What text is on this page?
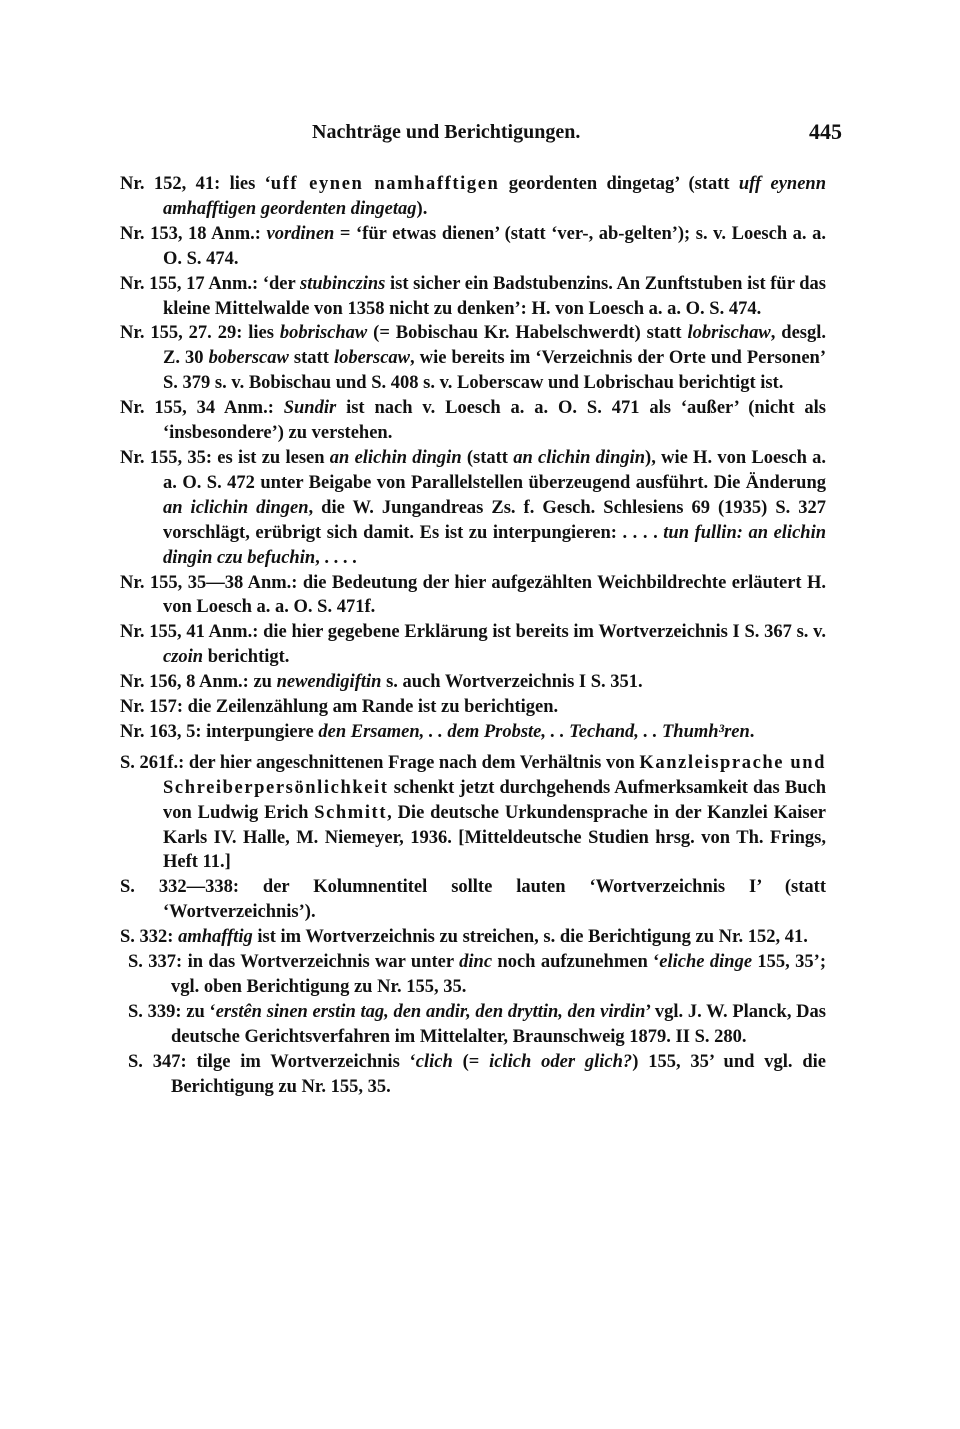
Nachträge und Berichtigungen.	445

Nr. 152, 41: lies ‘uff eynen namhafftigen geordenten dingetag’ (statt uff eynenn amhafftigen geordenten dingetag).

Nr. 153, 18 Anm.: vordinen = ‘für etwas dienen’ (statt ‘ver-, ab-gelten’); s. v. Loesch a. a. O. S. 474.

Nr. 155, 17 Anm.: ‘der stubinczins ist sicher ein Badstubenzins. An Zunftstuben ist für das kleine Mittelwalde von 1358 nicht zu denken’: H. von Loesch a. a. O. S. 474.

Nr. 155, 27. 29: lies bobrischaw (= Bobischau Kr. Habelschwerdt) statt lobrischaw, desgl. Z. 30 boberscaw statt loberscaw, wie bereits im ‘Verzeichnis der Orte und Personen’ S. 379 s. v. Bobischau und S. 408 s. v. Loberscaw und Lobrischau berichtigt ist.

Nr. 155, 34 Anm.: Sundir ist nach v. Loesch a. a. O. S. 471 als ‘außer’ (nicht als ‘insbesondere’) zu verstehen.

Nr. 155, 35: es ist zu lesen an elichin dingin (statt an clichin dingin), wie H. von Loesch a. a. O. S. 472 unter Beigabe von Parallelstellen überzeugend ausführt. Die Änderung an iclichin dingen, die W. Jungandreas Zs. f. Gesch. Schlesiens 69 (1935) S. 327 vorschlägt, erübrigt sich damit. Es ist zu interpungieren: . . . . tun fullin: an elichin dingin czu befuchin, . . . .

Nr. 155, 35—38 Anm.: die Bedeutung der hier aufgezählten Weichbildrechte erläutert H. von Loesch a. a. O. S. 471f.

Nr. 155, 41 Anm.: die hier gegebene Erklärung ist bereits im Wortverzeichnis I S. 367 s. v. czoin berichtigt.

Nr. 156, 8 Anm.: zu newendigiftin s. auch Wortverzeichnis I S. 351.

Nr. 157: die Zeilenzählung am Rande ist zu berichtigen.

Nr. 163, 5: interpungiere den Ersamen, . . dem Probste, . . Techand, . . Thumh³ren.

S. 261f.: der hier angeschnittenen Frage nach dem Verhältnis von Kanzleisprache und Schreiberpersönlichkeit schenkt jetzt durchgehends Aufmerksamkeit das Buch von Ludwig Erich Schmitt, Die deutsche Urkundensprache in der Kanzlei Kaiser Karls IV. Halle, M. Niemeyer, 1936. [Mitteldeutsche Studien hrsg. von Th. Frings, Heft 11.]

S. 332—338: der Kolumnentitel sollte lauten ‘Wortverzeichnis I’ (statt ‘Wortverzeichnis’).

S. 332: amhafftig ist im Wortverzeichnis zu streichen, s. die Berichtigung zu Nr. 152, 41.

S. 337: in das Wortverzeichnis war unter dinc noch aufzunehmen ‘eliche dinge 155, 35’; vgl. oben Berichtigung zu Nr. 155, 35.

S. 339: zu ‘erstên sinen erstin tag, den andir, den dryttin, den virdin’ vgl. J. W. Planck, Das deutsche Gerichtsverfahren im Mittelalter, Braunschweig 1879. II S. 280.

S. 347: tilge im Wortverzeichnis ‘clich (= iclich oder glich?) 155, 35’ und vgl. die Berichtigung zu Nr. 155, 35.
